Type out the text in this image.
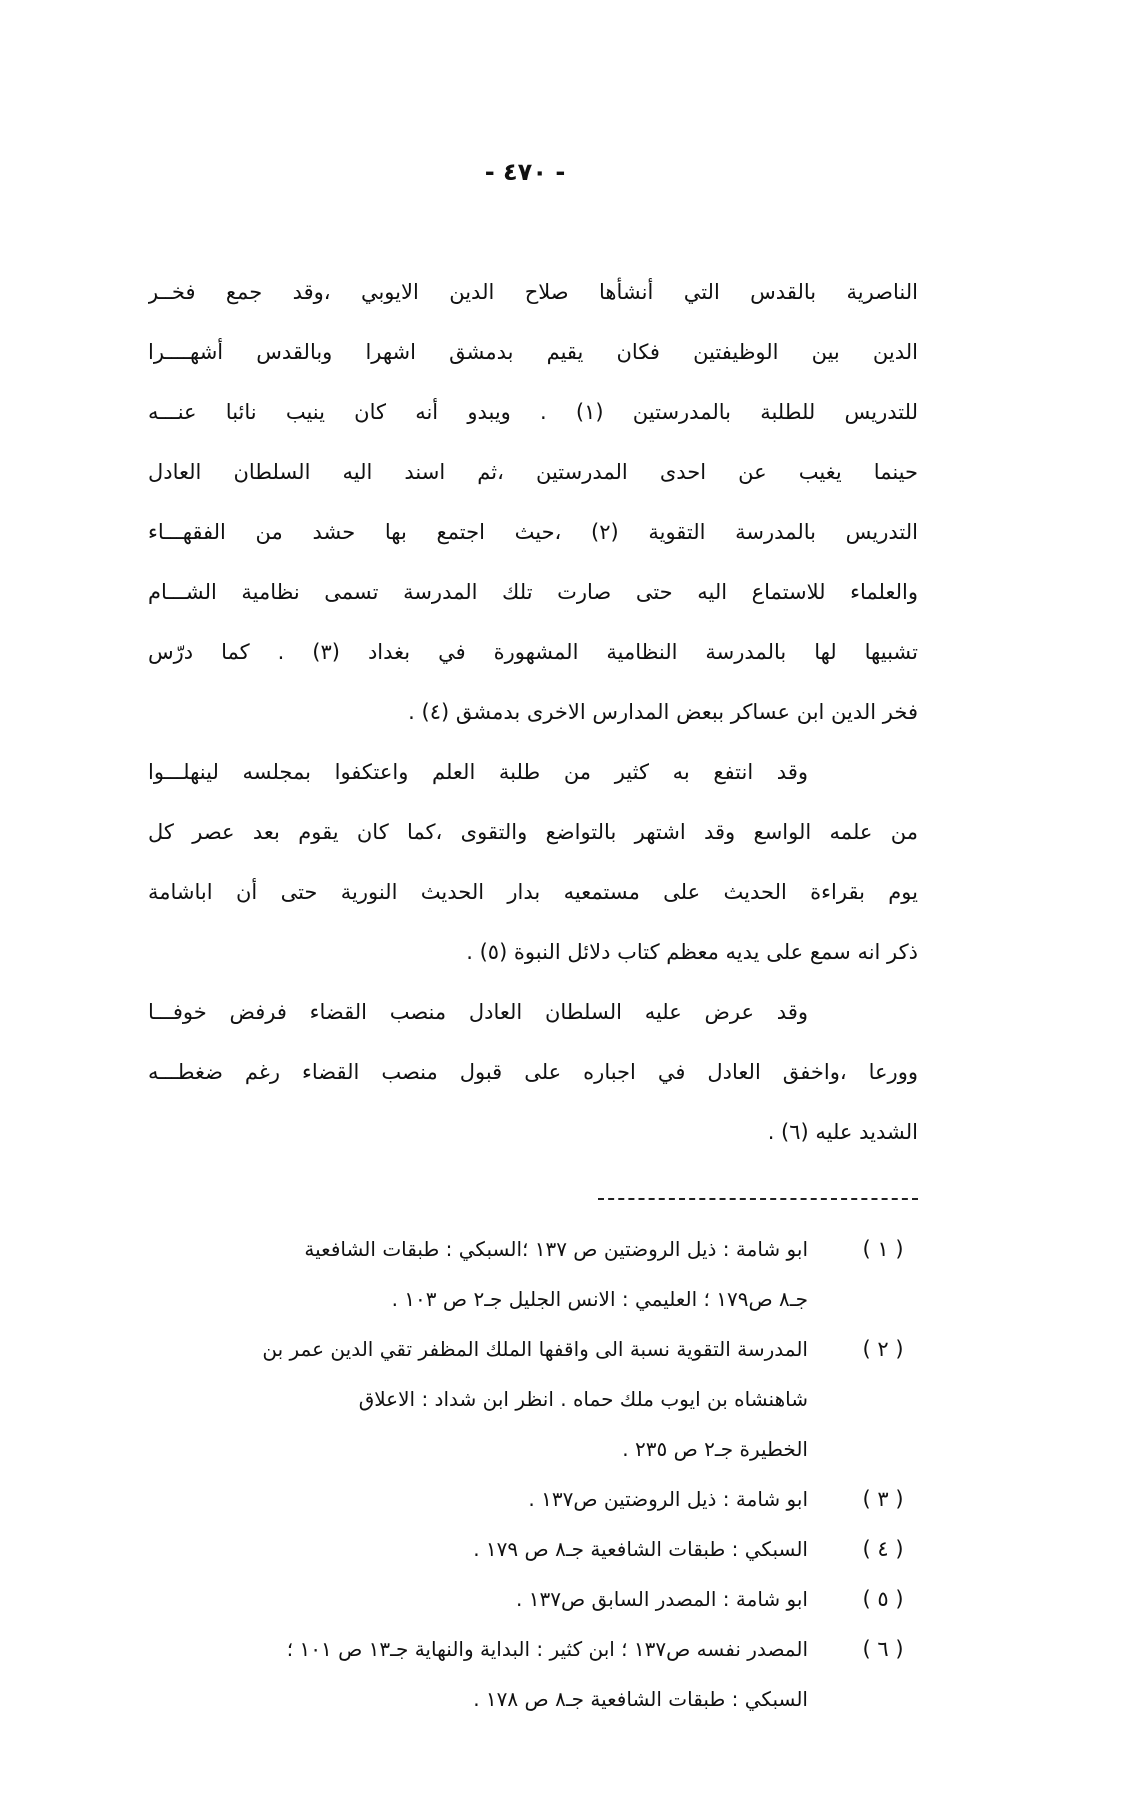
- ٤٧٠ -
الناصرية بالقدس التي أنشأها صلاح الدين الايوبي ،وقد جمع فخــر
الدين بين الوظيفتين فكان يقيم بدمشق اشهرا وبالقدس أشهــــرا
للتدريس للطلبة بالمدرستين (١) . ويبدو أنه كان ينيب نائبا عنـــه
حينما يغيب عن احدى المدرستين ،ثم اسند اليه السلطان العادل
التدريس بالمدرسة التقوية (٢) ،حيث اجتمع بها حشد من الفقهـــاء
والعلماء للاستماع اليه حتى صارت تلك المدرسة تسمى نظامية الشـــام
تشبيها لها بالمدرسة النظامية المشهورة في بغداد (٣) . كما درّس
فخر الدين ابن عساكر ببعض المدارس الاخرى بدمشق (٤) .
وقد انتفع به كثير من طلبة العلم واعتكفوا بمجلسه لينهلـــوا
من علمه الواسع وقد اشتهر بالتواضع والتقوى ،كما كان يقوم بعد عصر كل
يوم بقراءة الحديث على مستمعيه بدار الحديث النورية حتى أن اباشامة
ذكر انه سمع على يديه معظم كتاب دلائل النبوة (٥) .
وقد عرض عليه السلطان العادل منصب القضاء فرفض خوفـــا
وورعا ،واخفق العادل في اجباره على قبول منصب القضاء رغم ضغطـــه
الشديد عليه (٦) .
( ١ )
ابو شامة : ذيل الروضتين ص ١٣٧ ؛السبكي : طبقات الشافعية
جـ٨ ص١٧٩ ؛ العليمي : الانس الجليل جـ٢ ص ١٠٣ .
( ٢ )
المدرسة التقوية نسبة الى واقفها الملك المظفر تقي الدين عمر بن
شاهنشاه بن ايوب ملك حماه . انظر ابن شداد : الاعلاق
الخطيرة جـ٢ ص ٢٣٥ .
( ٣ )
ابو شامة : ذيل الروضتين ص١٣٧ .
( ٤ )
السبكي : طبقات الشافعية جـ٨ ص ١٧٩ .
( ٥ )
ابو شامة : المصدر السابق ص١٣٧ .
( ٦ )
المصدر نفسه ص١٣٧ ؛ ابن كثير : البداية والنهاية جـ١٣ ص ١٠١ ؛
السبكي : طبقات الشافعية جـ٨ ص ١٧٨ .
